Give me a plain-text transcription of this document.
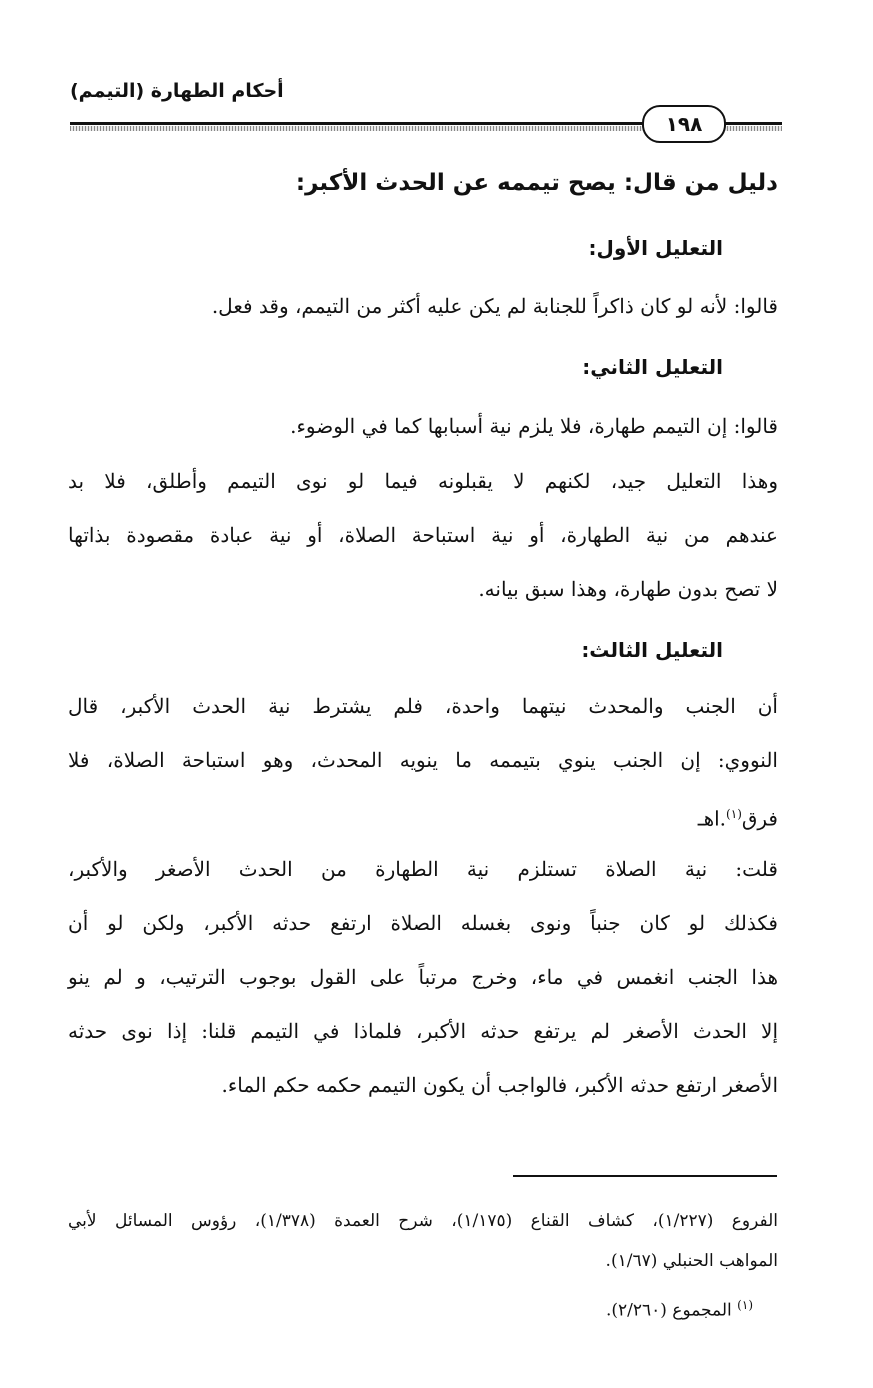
أحكام الطهارة (التيمم)
١٩٨
دليل من قال: يصح تيممه عن الحدث الأكبر:
التعليل الأول:
قالوا: لأنه لو كان ذاكراً للجنابة لم يكن عليه أكثر من التيمم، وقد فعل.
التعليل الثاني:
قالوا: إن التيمم طهارة، فلا يلزم نية أسبابها كما في الوضوء.
وهذا التعليل جيد، لكنهم لا يقبلونه فيما لو نوى التيمم وأطلق، فلا بد
عندهم من نية الطهارة، أو نية استباحة الصلاة، أو نية عبادة مقصودة بذاتها
لا تصح بدون طهارة، وهذا سبق بيانه.
التعليل الثالث:
أن الجنب والمحدث نيتهما واحدة، فلم يشترط نية الحدث الأكبر، قال
النووي: إن الجنب ينوي بتيممه ما ينويه المحدث، وهو استباحة الصلاة، فلا
فرق$^{(١)}$.اهـ
قلت: نية الصلاة تستلزم نية الطهارة من الحدث الأصغر والأكبر،
فكذلك لو كان جنباً ونوى بغسله الصلاة ارتفع حدثه الأكبر، ولكن لو أن
هذا الجنب انغمس في ماء، وخرج مرتباً على القول بوجوب الترتيب، و لم ينو
إلا الحدث الأصغر لم يرتفع حدثه الأكبر، فلماذا في التيمم قلنا: إذا نوى حدثه
الأصغر ارتفع حدثه الأكبر، فالواجب أن يكون التيمم حكمه حكم الماء.
الفروع (١/٢٢٧)، كشاف القناع (١/١٧٥)، شرح العمدة (١/٣٧٨)، رؤوس المسائل لأبي
المواهب الحنبلي (١/٦٧).
$^{(١)}$ المجموع (٢/٢٦٠).
